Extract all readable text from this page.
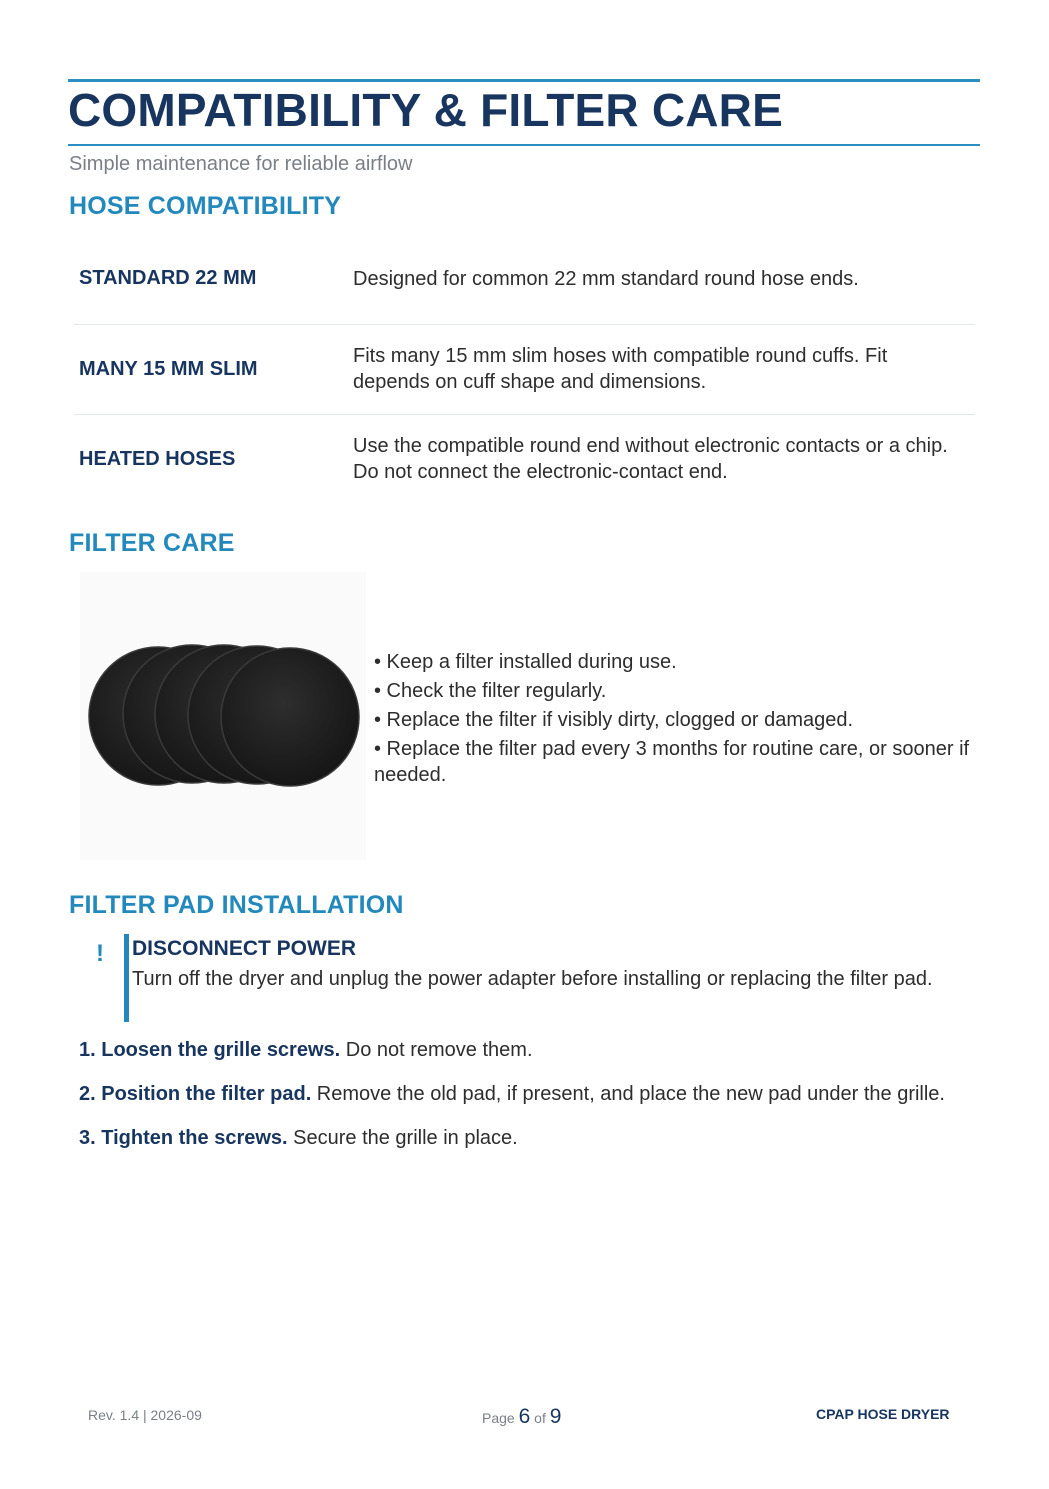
COMPATIBILITY & FILTER CARE
Simple maintenance for reliable airflow
HOSE COMPATIBILITY
STANDARD 22 MM	Designed for common 22 mm standard round hose ends.
MANY 15 MM SLIM	Fits many 15 mm slim hoses with compatible round cuffs. Fit depends on cuff shape and dimensions.
HEATED HOSES	Use the compatible round end without electronic contacts or a chip. Do not connect the electronic-contact end.
FILTER CARE
• Keep a filter installed during use.
• Check the filter regularly.
• Replace the filter if visibly dirty, clogged or damaged.
• Replace the filter pad every 3 months for routine care, or sooner if needed.
FILTER PAD INSTALLATION
! DISCONNECT POWER
Turn off the dryer and unplug the power adapter before installing or replacing the filter pad.
1. Loosen the grille screws. Do not remove them.
2. Position the filter pad. Remove the old pad, if present, and place the new pad under the grille.
3. Tighten the screws. Secure the grille in place.
Rev. 1.4 | 2026-09	Page 6 of 9	CPAP HOSE DRYER
